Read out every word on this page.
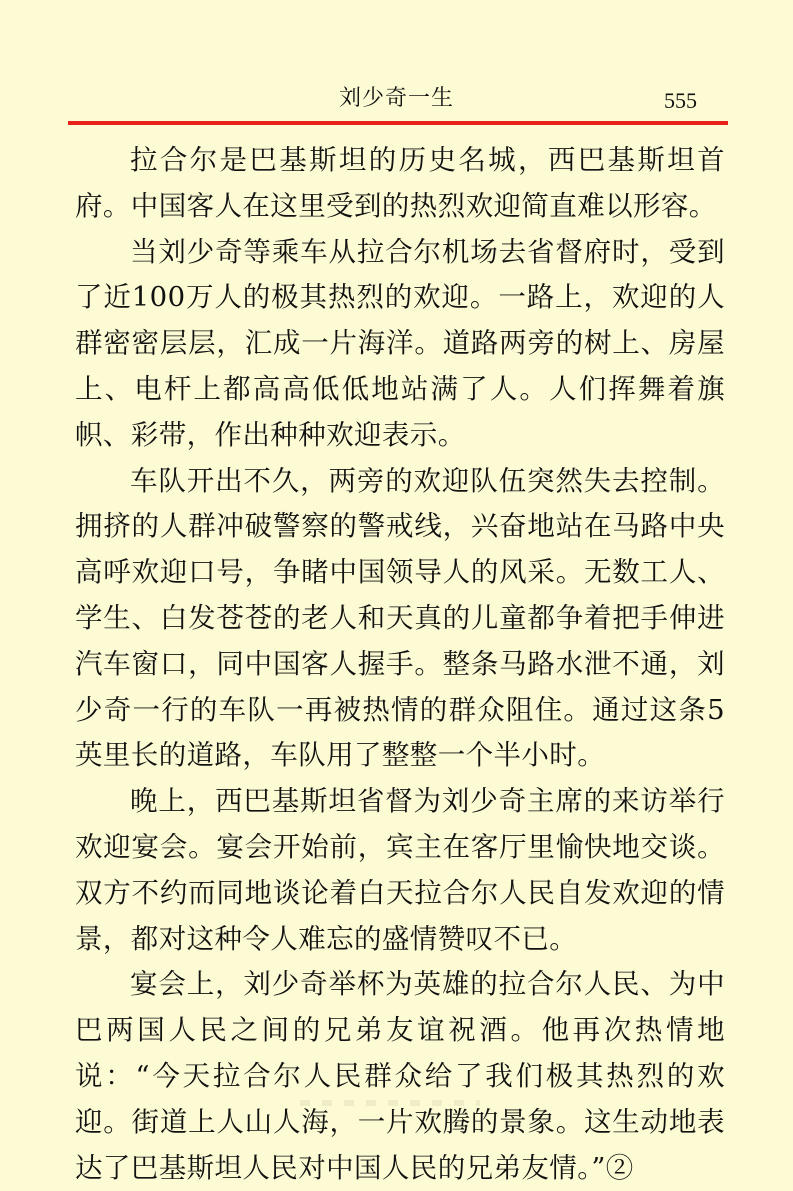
刘少奇一生	555

拉合尔是巴基斯坦的历史名城，西巴基斯坦首府。中国客人在这里受到的热烈欢迎简直难以形容。

当刘少奇等乘车从拉合尔机场去省督府时，受到了近100万人的极其热烈的欢迎。一路上，欢迎的人群密密层层，汇成一片海洋。道路两旁的树上、房屋上、电杆上都高高低低地站满了人。人们挥舞着旗帜、彩带，作出种种欢迎表示。

车队开出不久，两旁的欢迎队伍突然失去控制。拥挤的人群冲破警察的警戒线，兴奋地站在马路中央高呼欢迎口号，争睹中国领导人的风采。无数工人、学生、白发苍苍的老人和天真的儿童都争着把手伸进汽车窗口，同中国客人握手。整条马路水泄不通，刘少奇一行的车队一再被热情的群众阻住。通过这条5英里长的道路，车队用了整整一个半小时。

晚上，西巴基斯坦省督为刘少奇主席的来访举行欢迎宴会。宴会开始前，宾主在客厅里愉快地交谈。双方不约而同地谈论着白天拉合尔人民自发欢迎的情景，都对这种令人难忘的盛情赞叹不已。

宴会上，刘少奇举杯为英雄的拉合尔人民、为中巴两国人民之间的兄弟友谊祝酒。他再次热情地说：“今天拉合尔人民群众给了我们极其热烈的欢迎。街道上人山人海，一片欢腾的景象。这生动地表达了巴基斯坦人民对中国人民的兄弟友情。”②
